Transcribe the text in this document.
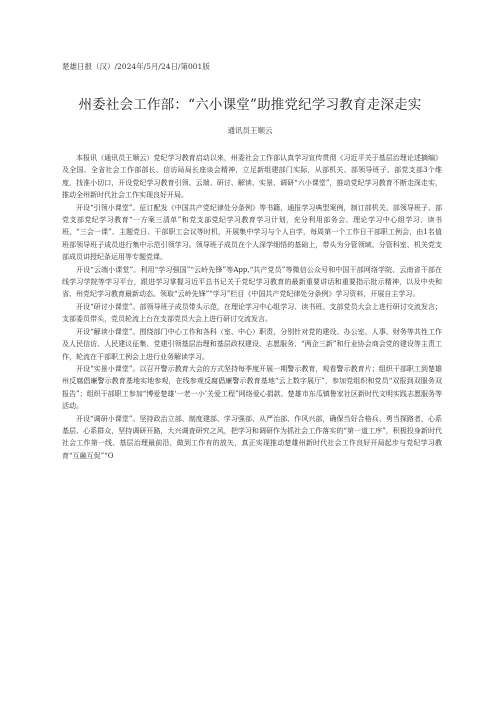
楚雄日报（汉）/2024年/5月/24日/第001版
州委社会工作部：“六小课堂”助推党纪学习教育走深走实
通讯员王顺云

本报讯（通讯员王顺云）党纪学习教育启动以来，州委社会工作部认真学习宣传贯彻《习近平关于基层治理论述摘编》及全国、全省社会工作部部长、信访局局长座谈会精神，立足新组建部门实际，从部机关、部领导班子、部党支部3个维度，找准小切口，开设党纪学习教育引领、云端、研讨、解读、实景、调研“六小课堂”，推动党纪学习教育不断走深走实，推动全州新时代社会工作实现良好开局。

开设“引领小课堂”。征订配发《中国共产党纪律处分条例》等书籍，通报学习典型案例，制订部机关、部领导班子、部党支部党纪学习教育“一方案三清单”和党支部党纪学习教育学习计划，充分利用部务会、理论学习中心组学习、读书班、“三会一课”、主题党日、干部职工会议等时机，开展集中学习与个人自学，每周第一个工作日干部职工例会，由1名值班部领导班子成员进行集中示范引领学习。领导班子成员在个人深学细悟的基础上，带头为分管领域、分管科室、机关党支部成员讲授纪条运用等专题党课。

开设“云端小课堂”。利用“学习强国”“云岭先锋”等App,“共产党员”等微信公众号和中国干部网络学院、云南省干部在线学习学院等学习平台，跟进学习掌握习近平总书记关于党纪学习教育的最新重要讲话和重要指示批示精神，以及中央和省、州党纪学习教育最新动态。领取“云岭先锋”“学习”栏目《中国共产党纪律处分条例》学习资料，开展自主学习。

开设“研讨小课堂”。部领导班子成员带头示范，在理论学习中心组学习、读书班、支部党员大会上进行研讨交流发言；支部委员带头，党员轮流上台在支部党员大会上进行研讨交流发言。

开设“解读小课堂”。围绕部门中心工作和各科（室、中心）职责，分别针对党的建设、办公室、人事、财务等共性工作及人民信访、人民建议征集、党建引领基层治理和基层政权建设、志愿服务、“两企三新”和行业协会商会党的建设等主责工作，轮流在干部职工例会上进行业务解读学习。

开设“实景小课堂”。以召开警示教育大会的方式坚持每季度开展一期警示教育，观看警示教育片；组织干部职工到楚雄州反腐倡廉警示教育基地实地参观，在线参观反腐倡廉警示教育基地“云上数字展厅”，参加党组织和党员“双报到双服务双报告”；组织干部职工参加“博爱楚雄‘一老一小’关爱工程”网络爱心捐款、楚雄市东瓜镇鲁家社区新时代文明实践志愿服务等活动。

开设“调研小课堂”。坚持政治立部、制度建部、学习强部、从严治部、作风兴部，确保当好合格兵、勇当探路者，心系基层、心系群众，坚持调研开路，大兴调查研究之风，把学习和调研作为抓社会工作落实的“第一道工序”，积极投身新时代社会工作第一线、基层治理最前沿，做到工作有的放矢，真正实现推动楚雄州新时代社会工作良好开局起步与党纪学习教育“互融互促”“O
